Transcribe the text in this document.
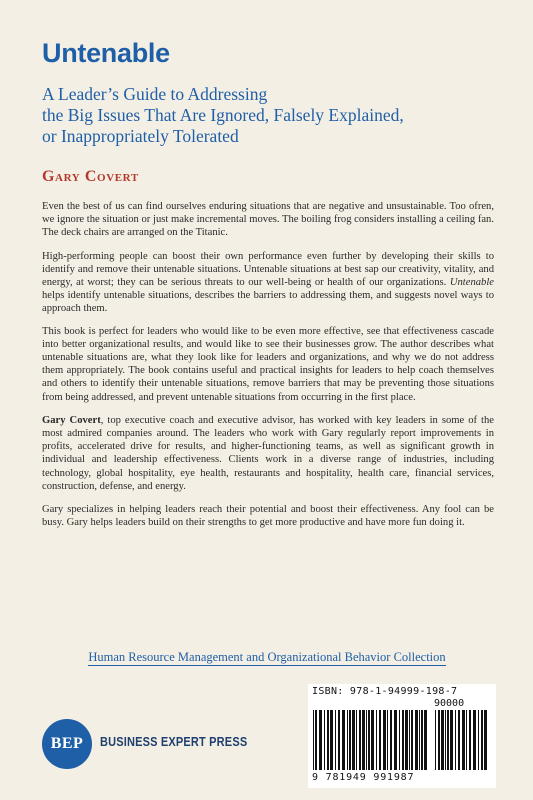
Untenable
A Leader’s Guide to Addressing
the Big Issues That Are Ignored, Falsely Explained,
or Inappropriately Tolerated
Gary Covert

Even the best of us can find ourselves enduring situations that are negative and unsustainable. Too ofren, we ignore the situation or just make incremental moves. The boiling frog considers installing a ceiling fan. The deck chairs are arranged on the Titanic.

High-performing people can boost their own performance even further by developing their skills to identify and remove their untenable situations. Untenable situations at best sap our creativity, vitality, and energy, at worst; they can be serious threats to our well-being or health of our organizations. Untenable helps identify untenable situations, describes the barriers to addressing them, and suggests novel ways to approach them.

This book is perfect for leaders who would like to be even more effective, see that effectiveness cascade into better organizational results, and would like to see their businesses grow. The author describes what untenable situations are, what they look like for leaders and organizations, and why we do not address them appropriately. The book contains useful and practical insights for leaders to help coach themselves and others to identify their untenable situations, remove barriers that may be preventing those situations from being addressed, and prevent untenable situations from occurring in the first place.

Gary Covert, top executive coach and executive advisor, has worked with key leaders in some of the most admired companies around. The leaders who work with Gary regularly report improvements in profits, accelerated drive for results, and higher-functioning teams, as well as significant growth in individual and leadership effectiveness. Clients work in a diverse range of industries, including technology, global hospitality, eye health, restaurants and hospitality, health care, financial services, construction, defense, and energy.

Gary specializes in helping leaders reach their potential and boost their effectiveness. Any fool can be busy. Gary helps leaders build on their strengths to get more productive and have more fun doing it.

Human Resource Management and Organizational Behavior Collection
BEP BUSINESS EXPERT PRESS
ISBN: 978-1-94999-198-7
90000
9 781949 991987
